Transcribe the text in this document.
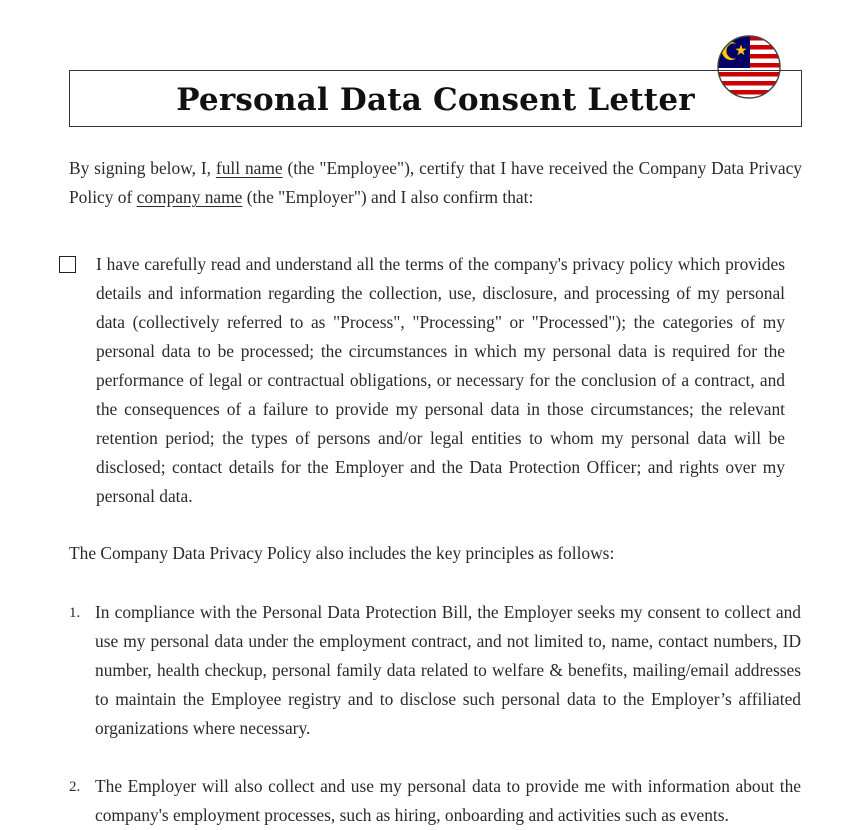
Personal Data Consent Letter
By signing below, I, full name (the "Employee"), certify that I have received the Company Data Privacy Policy of company name (the "Employer") and I also confirm that:
I have carefully read and understand all the terms of the company's privacy policy which provides details and information regarding the collection, use, disclosure, and processing of my personal data (collectively referred to as "Process", "Processing" or "Processed"); the categories of my personal data to be processed; the circumstances in which my personal data is required for the performance of legal or contractual obligations, or necessary for the conclusion of a contract, and the consequences of a failure to provide my personal data in those circumstances; the relevant retention period; the types of persons and/or legal entities to whom my personal data will be disclosed; contact details for the Employer and the Data Protection Officer; and rights over my personal data.
The Company Data Privacy Policy also includes the key principles as follows:
1. In compliance with the Personal Data Protection Bill, the Employer seeks my consent to collect and use my personal data under the employment contract, and not limited to, name, contact numbers, ID number, health checkup, personal family data related to welfare & benefits, mailing/email addresses to maintain the Employee registry and to disclose such personal data to the Employer’s affiliated organizations where necessary.
2. The Employer will also collect and use my personal data to provide me with information about the company's employment processes, such as hiring, onboarding and activities such as events.
